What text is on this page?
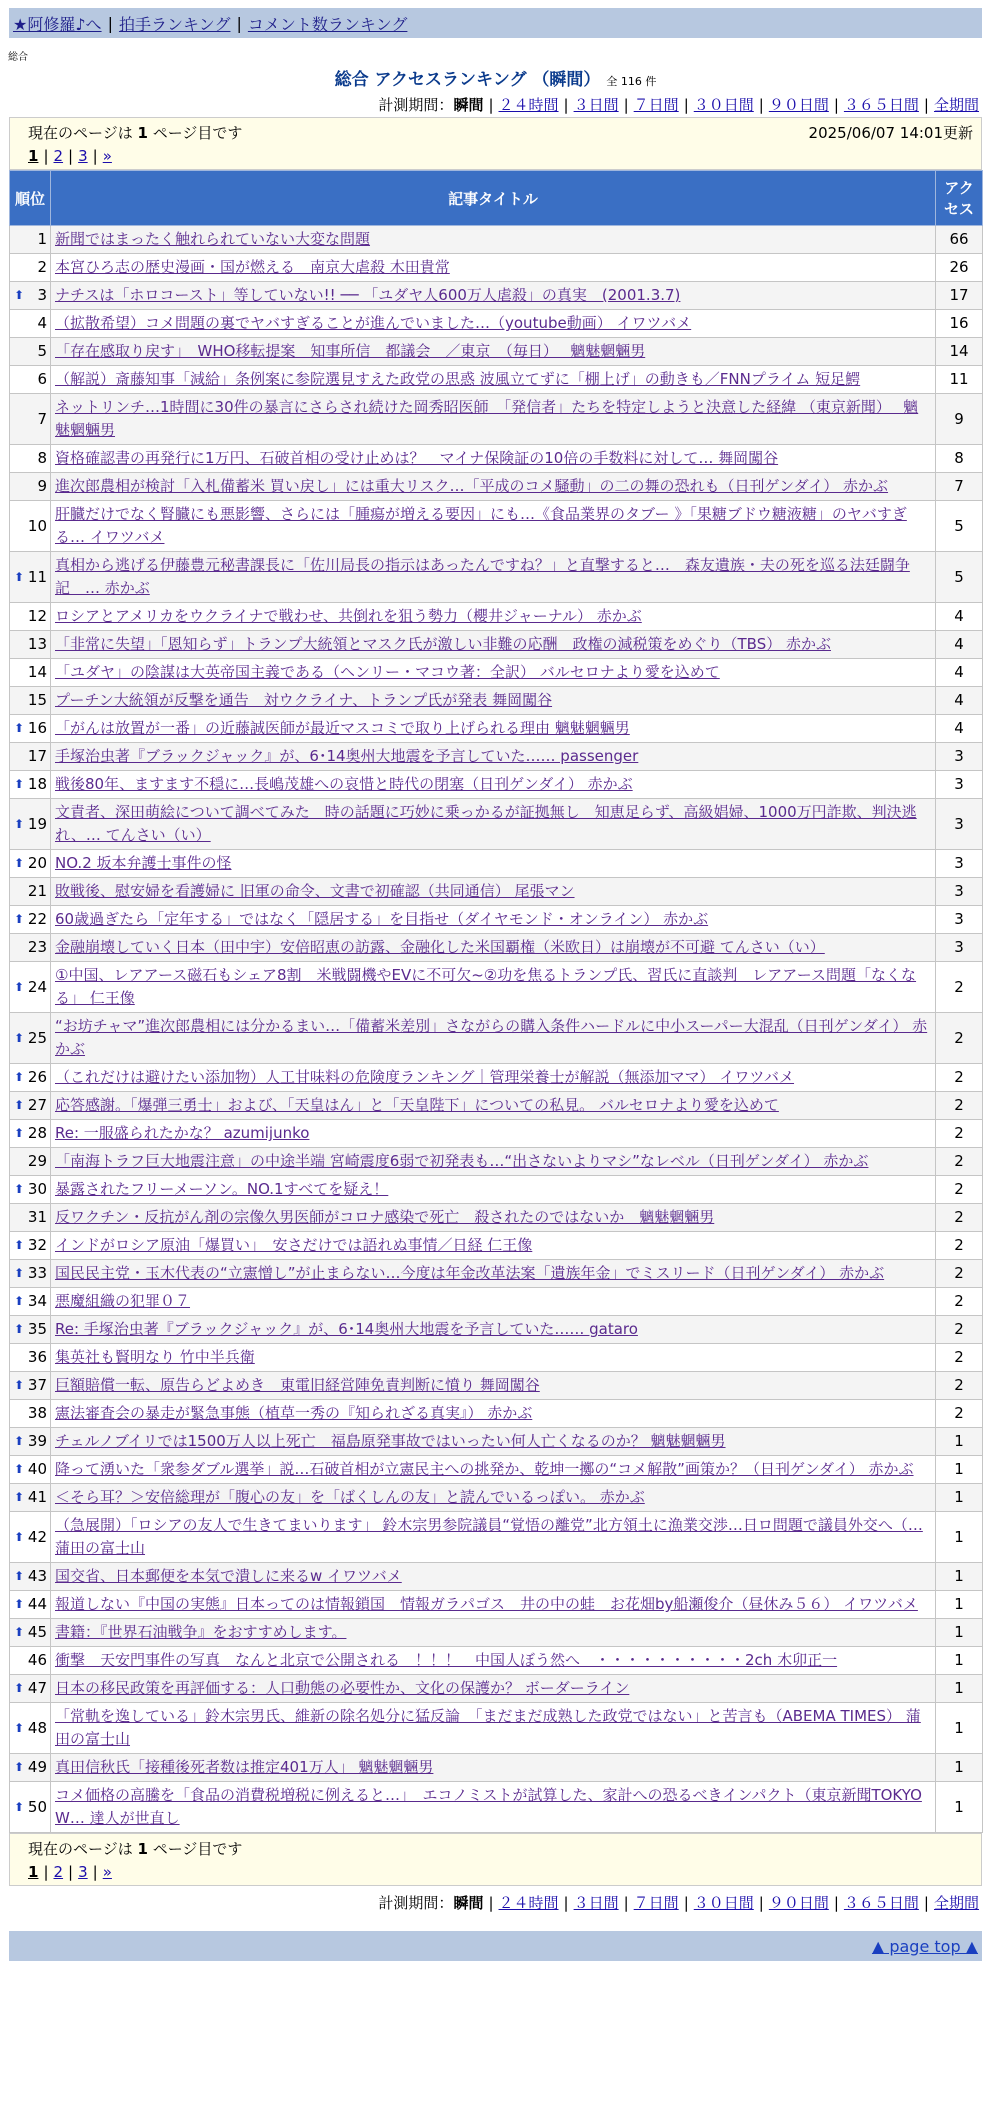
★阿修羅♪へ | 拍手ランキング | コメント数ランキング
総合
総合 アクセスランキング （瞬間） 全 116 件
計測期間：瞬間 | ２４時間 | ３日間 | ７日間 | ３０日間 | ９０日間 | ３６５日間 | 全期間
現在のページは 1 ページ目です	2025/06/07 14:01更新
1 | 2 | 3 | »
順位	記事タイトル	アクセス
1	新聞ではまったく触れられていない大変な問題	66
2	本宮ひろ志の歴史漫画・国が燃える　南京大虐殺 木田貴常	26

⬆ 3	ナチスは「ホロコースト」等していない!! ── 「ユダヤ人600万人虐殺」の真実　(2001.3.7)	17
4	（拡散希望）コメ問題の裏でヤバすぎることが進んでいました…（youtube動画） イワツバメ	16
5	「存在感取り戻す」　WHO移転提案　知事所信　都議会　／東京　（毎日）　 魑魅魍魎男	14
6	（解説）斎藤知事「減給」条例案に参院選見すえた政党の思惑 波風立てずに「棚上げ」の動きも／FNNプライム 短足鰐	11
7	ネットリンチ…1時間に30件の暴言にさらされ続けた岡秀昭医師　「発信者」たちを特定しようと決意した経緯 （東京新聞）　 魑魅魍魎男	9
8	資格確認書の再発行に1万円、石破首相の受け止めは？　マイナ保険証の10倍の手数料に対して… 舞岡闖谷	8
9	進次郎農相が検討「入札備蓄米 買い戻し」には重大リスク…「平成のコメ騒動」の二の舞の恐れも（日刊ゲンダイ） 赤かぶ	7
10	肝臓だけでなく腎臓にも悪影響、さらには「腫瘍が増える要因」にも…《食品業界のタブー 》「果糖ブドウ糖液糖」のヤバすぎる… イワツバメ	5

⬆ 11	真相から逃げる伊藤豊元秘書課長に「佐川局長の指示はあったんですね？」と直撃すると…　森友遺族・夫の死を巡る法廷闘争記　… 赤かぶ	5
12	ロシアとアメリカをウクライナで戦わせ、共倒れを狙う勢力（櫻井ジャーナル） 赤かぶ	4
13	「非常に失望」「恩知らず」トランプ大統領とマスク氏が激しい非難の応酬　政権の減税策をめぐり（TBS） 赤かぶ	4
14	「ユダヤ」の陰謀は大英帝国主義である（ヘンリー・マコウ著：全訳） バルセロナより愛を込めて	4
15	プーチン大統領が反撃を通告　対ウクライナ、トランプ氏が発表 舞岡闖谷	4

⬆ 16	「がんは放置が一番」の近藤誠医師が最近マスコミで取り上げられる理由 魑魅魍魎男	4
17	手塚治虫著『ブラックジャック』が、6･14奥州大地震を予言していた…… passenger	3

⬆ 18	戦後80年、ますます不穏に…長嶋茂雄への哀惜と時代の閉塞（日刊ゲンダイ） 赤かぶ	3

⬆ 19	文責者、深田萌絵について調べてみた　時の話題に巧妙に乗っかるが証拠無し　知恵足らず、高級娼婦、1000万円詐欺、判決逃れ、… てんさい（い）	3

⬆ 20	NO.2 坂本弁護士事件の怪	3
21	敗戦後、慰安婦を看護婦に 旧軍の命令、文書で初確認（共同通信） 尾張マン	3

⬆ 22	60歳過ぎたら「定年する」ではなく「隠居する」を目指せ（ダイヤモンド・オンライン） 赤かぶ	3
23	金融崩壊していく日本（田中宇）安倍昭恵の訪露、金融化した米国覇権（米欧日）は崩壊が不可避 てんさい（い）	3

⬆ 24	①中国、レアアース磁石もシェア8割　米戦闘機やEVに不可欠~②功を焦るトランプ氏、習氏に直談判　レアアース問題「なくなる」 仁王像	2

⬆ 25	“お坊チャマ”進次郎農相には分かるまい…「備蓄米差別」さながらの購入条件ハードルに中小スーパー大混乱（日刊ゲンダイ） 赤かぶ	2

⬆ 26	（これだけは避けたい添加物）人工甘味料の危険度ランキング｜管理栄養士が解説（無添加ママ） イワツバメ	2

⬆ 27	応答感謝。「爆弾三勇士」および、「天皇はん」と「天皇陛下」についての私見。 バルセロナより愛を込めて	2

⬆ 28	Re: 一服盛られたかな？ azumijunko	2
29	「南海トラフ巨大地震注意」の中途半端 宮崎震度6弱で初発表も…“出さないよりマシ”なレベル（日刊ゲンダイ） 赤かぶ	2

⬆ 30	暴露されたフリーメーソン。NO.1すべてを疑え！	2
31	反ワクチン・反抗がん剤の宗像久男医師がコロナ感染で死亡　殺されたのではないか　魑魅魍魎男	2

⬆ 32	インドがロシア原油「爆買い」　安さだけでは語れぬ事情／日経 仁王像	2

⬆ 33	国民民主党・玉木代表の“立憲憎し”が止まらない…今度は年金改革法案「遺族年金」でミスリード（日刊ゲンダイ） 赤かぶ	2

⬆ 34	悪魔組織の犯罪０７	2

⬆ 35	Re: 手塚治虫著『ブラックジャック』が、6･14奥州大地震を予言していた…… gataro	2
36	集英社も賢明なり 竹中半兵衛	2

⬆ 37	巨額賠償一転、原告らどよめき　東電旧経営陣免責判断に憤り 舞岡闖谷	2
38	憲法審査会の暴走が緊急事態（植草一秀の『知られざる真実』） 赤かぶ	2

⬆ 39	チェルノブイリでは1500万人以上死亡　福島原発事故ではいったい何人亡くなるのか？ 魑魅魍魎男	1

⬆ 40	降って湧いた「衆参ダブル選挙」説…石破首相が立憲民主への挑発か、乾坤一擲の“コメ解散”画策か？（日刊ゲンダイ） 赤かぶ	1

⬆ 41	＜そら耳？＞安倍総理が「腹心の友」を「ばくしんの友」と読んでいるっぽい。 赤かぶ	1

⬆ 42	（急展開）「ロシアの友人で生きてまいります」 鈴木宗男参院議員“覚悟の離党”北方領土に漁業交渉…日ロ問題で議員外交へ（… 蒲田の富士山	1

⬆ 43	国交省、日本郵便を本気で潰しに来るw イワツバメ	1

⬆ 44	報道しない『中国の実態』日本ってのは情報鎖国　情報ガラパゴス　井の中の蛙　お花畑by船瀬俊介（昼休み５６） イワツバメ	1

⬆ 45	書籍：『世界石油戦争』をおすすめします。	1
46	衝撃　天安門事件の写真　なんと北京で公開される　！！！　中国人ぼう然へ　・・・・・・・・・・2ch 木卯正一	1

⬆ 47	日本の移民政策を再評価する：人口動態の必要性か、文化の保護か？ ボーダーライン	1

⬆ 48	「常軌を逸している」鈴木宗男氏、維新の除名処分に猛反論　「まだまだ成熟した政党ではない」と苦言も（ABEMA TIMES） 蒲田の富士山	1

⬆ 49	真田信秋氏「接種後死者数は推定401万人」 魑魅魍魎男	1

⬆ 50	コメ価格の高騰を「食品の消費税増税に例えると…」　エコノミストが試算した、家計への恐るべきインパクト（東京新聞TOKYO W… 達人が世直し	1
現在のページは 1 ページ目です
1 | 2 | 3 | »
計測期間：瞬間 | ２４時間 | ３日間 | ７日間 | ３０日間 | ９０日間 | ３６５日間 | 全期間
▲ page top ▲
